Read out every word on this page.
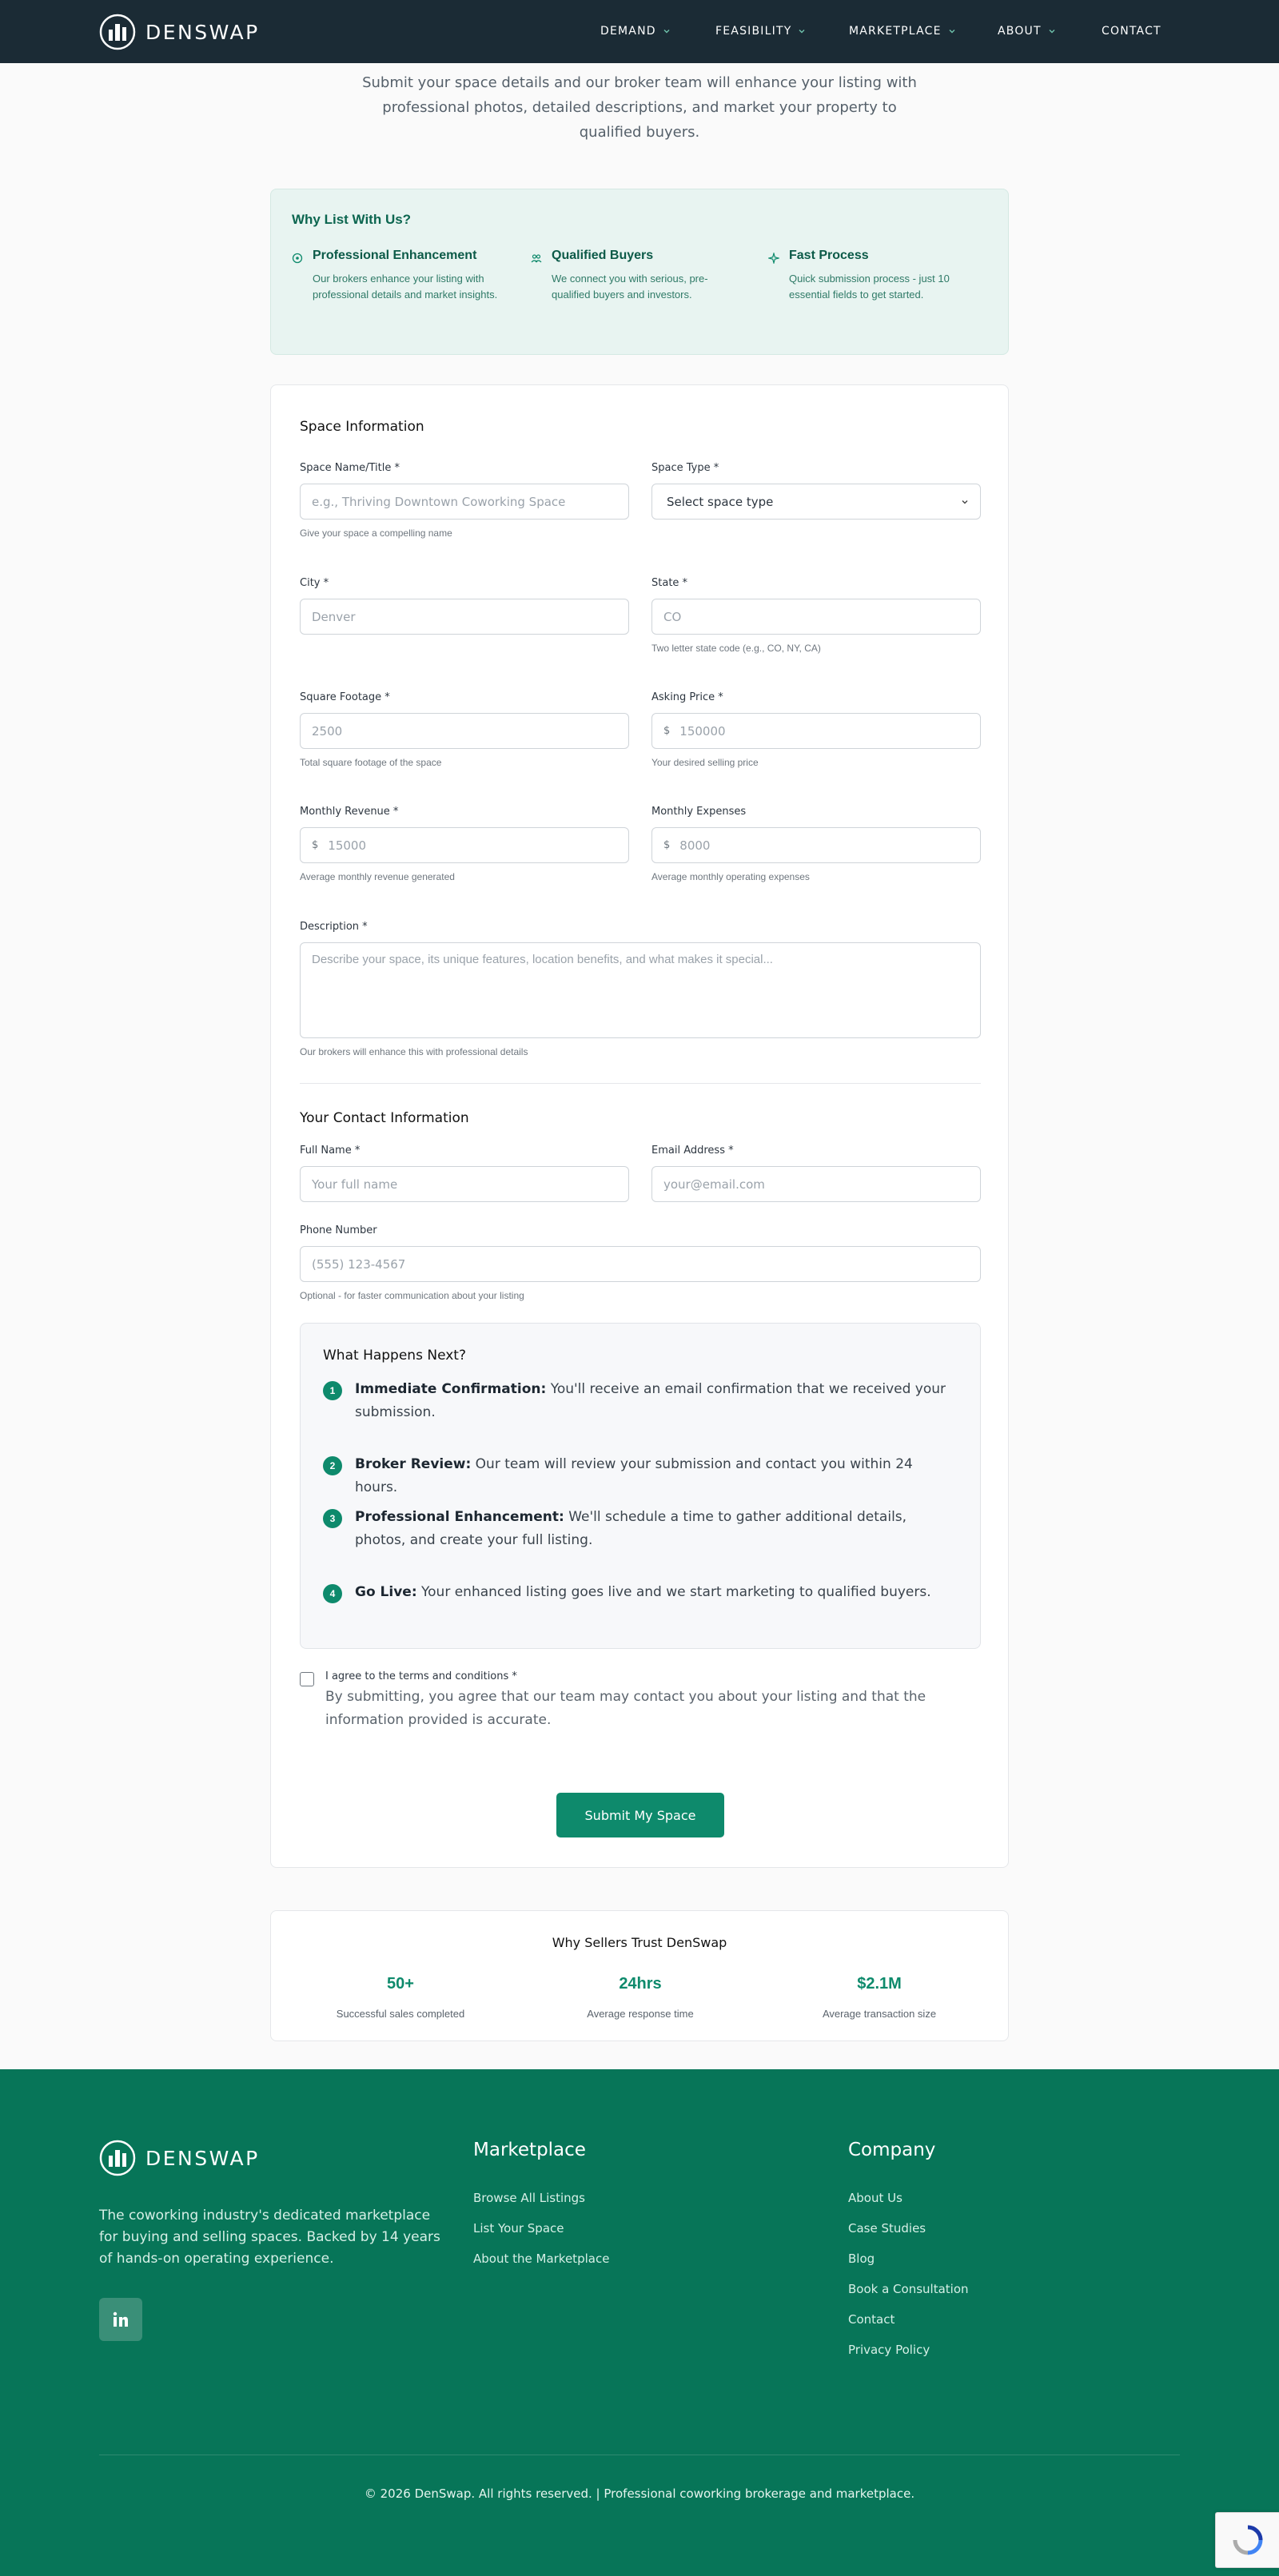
DENSWAP	DEMAND	FEASIBILITY	MARKETPLACE	ABOUT	CONTACT

Submit your space details and our broker team will enhance your listing with professional photos, detailed descriptions, and market your property to qualified buyers.

Why List With Us?
Professional Enhancement
Our brokers enhance your listing with professional details and market insights.
Qualified Buyers
We connect you with serious, pre-qualified buyers and investors.
Fast Process
Quick submission process - just 10 essential fields to get started.
Space Information
Space Name/Title *
e.g., Thriving Downtown Coworking Space
Give your space a compelling name
Space Type *
Select space type
City *
Denver
State *
CO
Two letter state code (e.g., CO, NY, CA)
Square Footage *
2500
Total square footage of the space
Asking Price *
$ 150000
Your desired selling price
Monthly Revenue *
$ 15000
Average monthly revenue generated
Monthly Expenses
$ 8000
Average monthly operating expenses
Description *
Describe your space, its unique features, location benefits, and what makes it special...
Our brokers will enhance this with professional details
Your Contact Information
Full Name *
Your full name
Email Address *
your@email.com
Phone Number
(555) 123-4567
Optional - for faster communication about your listing
What Happens Next?
1	Immediate Confirmation: You'll receive an email confirmation that we received your submission.
2	Broker Review: Our team will review your submission and contact you within 24 hours.
3	Professional Enhancement: We'll schedule a time to gather additional details, photos, and create your full listing.
4	Go Live: Your enhanced listing goes live and we start marketing to qualified buyers.
I agree to the terms and conditions *
By submitting, you agree that our team may contact you about your listing and that the information provided is accurate.
Submit My Space
Why Sellers Trust DenSwap
50+
Successful sales completed
24hrs
Average response time
$2.1M
Average transaction size
DENSWAP

The coworking industry's dedicated marketplace for buying and selling spaces. Backed by 14 years of hands-on operating experience.

Marketplace
Browse All Listings
List Your Space
About the Marketplace
Company
About Us
Case Studies
Blog
Book a Consultation
Contact
Privacy Policy
© 2026 DenSwap. All rights reserved. | Professional coworking brokerage and marketplace.
